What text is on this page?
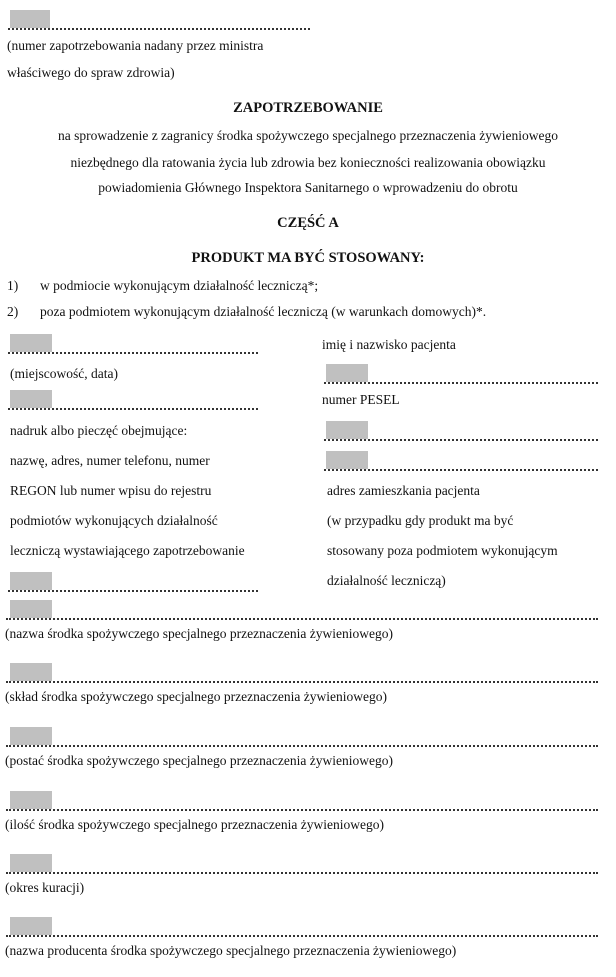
(numer zapotrzebowania nadany przez ministra
właściwego do spraw zdrowia)
ZAPOTRZEBOWANIE
na sprowadzenie z zagranicy środka spożywczego specjalnego przeznaczenia żywieniowego
niezbędnego dla ratowania życia lub zdrowia bez konieczności realizowania obowiązku
powiadomienia Głównego Inspektora Sanitarnego o wprowadzeniu do obrotu
CZĘŚĆ A
PRODUKT MA BYĆ STOSOWANY:
1) w podmiocie wykonującym działalność leczniczą*;
2) poza podmiotem wykonującym działalność leczniczą (w warunkach domowych)*.
(miejscowość, data)
nadruk albo pieczęć obejmujące:
nazwę, adres, numer telefonu, numer
REGON lub numer wpisu do rejestru
podmiotów wykonujących działalność
leczniczą wystawiającego zapotrzebowanie
imię i nazwisko pacjenta
numer PESEL
adres zamieszkania pacjenta
(w przypadku gdy produkt ma być
stosowany poza podmiotem wykonującym
działalność leczniczą)
(nazwa środka spożywczego specjalnego przeznaczenia żywieniowego)
(skład środka spożywczego specjalnego przeznaczenia żywieniowego)
(postać środka spożywczego specjalnego przeznaczenia żywieniowego)
(ilość środka spożywczego specjalnego przeznaczenia żywieniowego)
(okres kuracji)
(nazwa producenta środka spożywczego specjalnego przeznaczenia żywieniowego)
